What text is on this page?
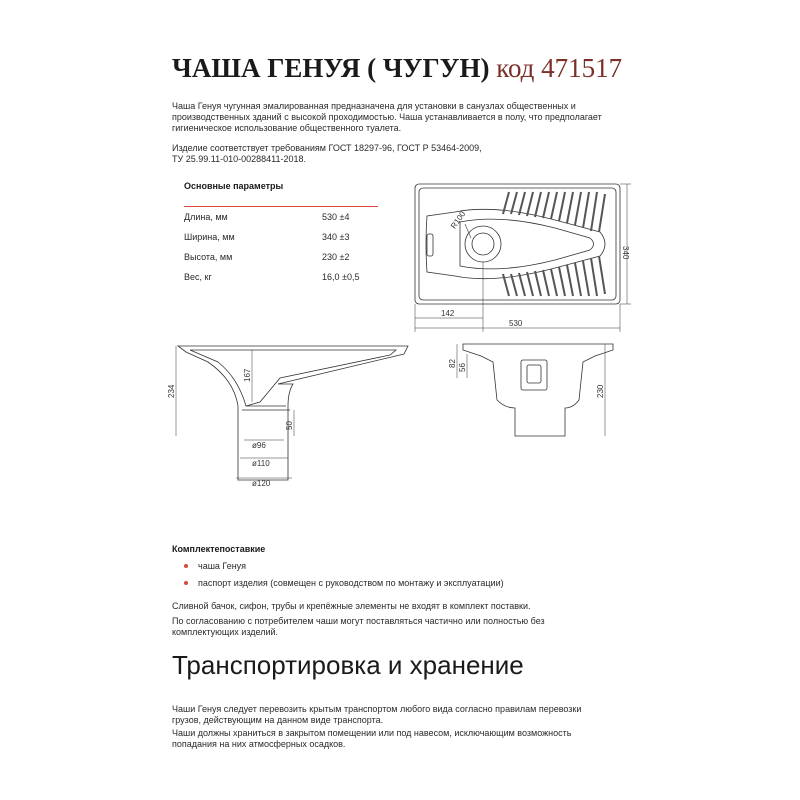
ЧАША ГЕНУЯ ( ЧУГУН) код 471517
Чаша Генуя чугунная эмалированная предназначена для установки в санузлах общественных и
производственных зданий с высокой проходимостью. Чаша устанавливается в полу, что предполагает
гигиеническое использование общественного туалета.
Изделие соответствует требованиям ГОСТ 18297-96, ГОСТ Р 53464-2009,
ТУ 25.99.11-010-00288411-2018.
Основные параметры
Длина, мм	530 ±4
Ширина, мм	340 ±3
Высота, мм	230 ±2
Вес, кг	16,0 ±0,5
R100
340
142
530
234
167
50
ø96
ø110
ø120
82 56
230
Комплектепоставкие
чаша Генуя
паспорт изделия (совмещен с руководством по монтажу и эксплуатации)
Сливной бачок, сифон, трубы и крепёжные элементы не входят в комплект поставки.
По согласованию с потребителем чаши могут поставляться частично или полностью без
комплектующих изделий.
Транспортировка и хранение
Чаши Генуя следует перевозить крытым транспортом любого вида согласно правилам перевозки
грузов, действующим на данном виде транспорта.
Чаши должны храниться в закрытом помещении или под навесом, исключающим возможность
попадания на них атмосферных осадков.
